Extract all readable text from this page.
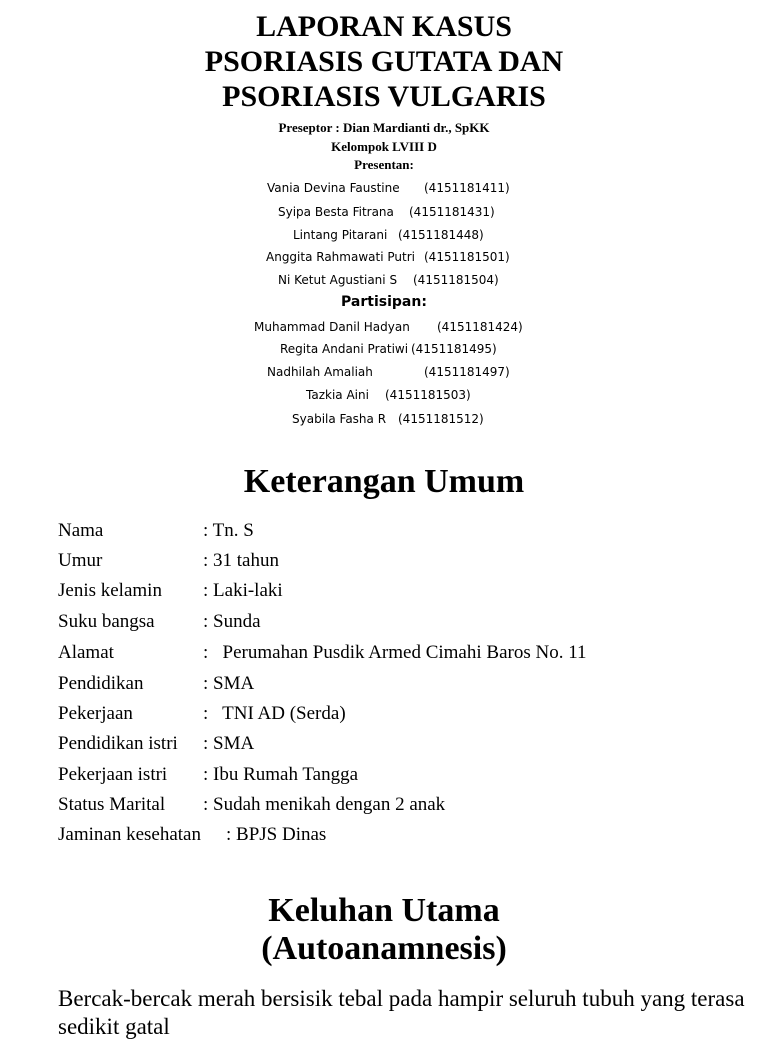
LAPORAN KASUS
PSORIASIS GUTATA DAN
PSORIASIS VULGARIS
Preseptor : Dian Mardianti dr., SpKK
Kelompok LVIII D
Presentan:
Vania Devina Faustine (4151181411)
Syipa Besta Fitrana (4151181431)
Lintang Pitarani (4151181448)
Anggita Rahmawati Putri (4151181501)
Ni Ketut Agustiani S (4151181504)
Partisipan:
Muhammad Danil Hadyan (4151181424)
Regita Andani Pratiwi (4151181495)
Nadhilah Amaliah	(4151181497)
Tazkia Aini (4151181503)
Syabila Fasha R (4151181512)
Keterangan Umum

Nama

	: Tn. S

Umur

	: 31 tahun

Jenis kelamin

: Laki-laki

Suku bangsa

	: Sunda

Alamat

	:   Perumahan Pusdik Armed Cimahi Baros No. 11

Pendidikan

	: SMA

Pekerjaan

	:   TNI AD (Serda)

Pendidikan istri

: SMA

Pekerjaan istri

: Ibu Rumah Tangga

Status Marital

: Sudah menikah dengan 2 anak

Jaminan kesehatan

: BPJS Dinas

Keluhan Utama
(Autoanamnesis)
Bercak-bercak merah bersisik tebal pada hampir seluruh tubuh yang terasa sedikit gatal
